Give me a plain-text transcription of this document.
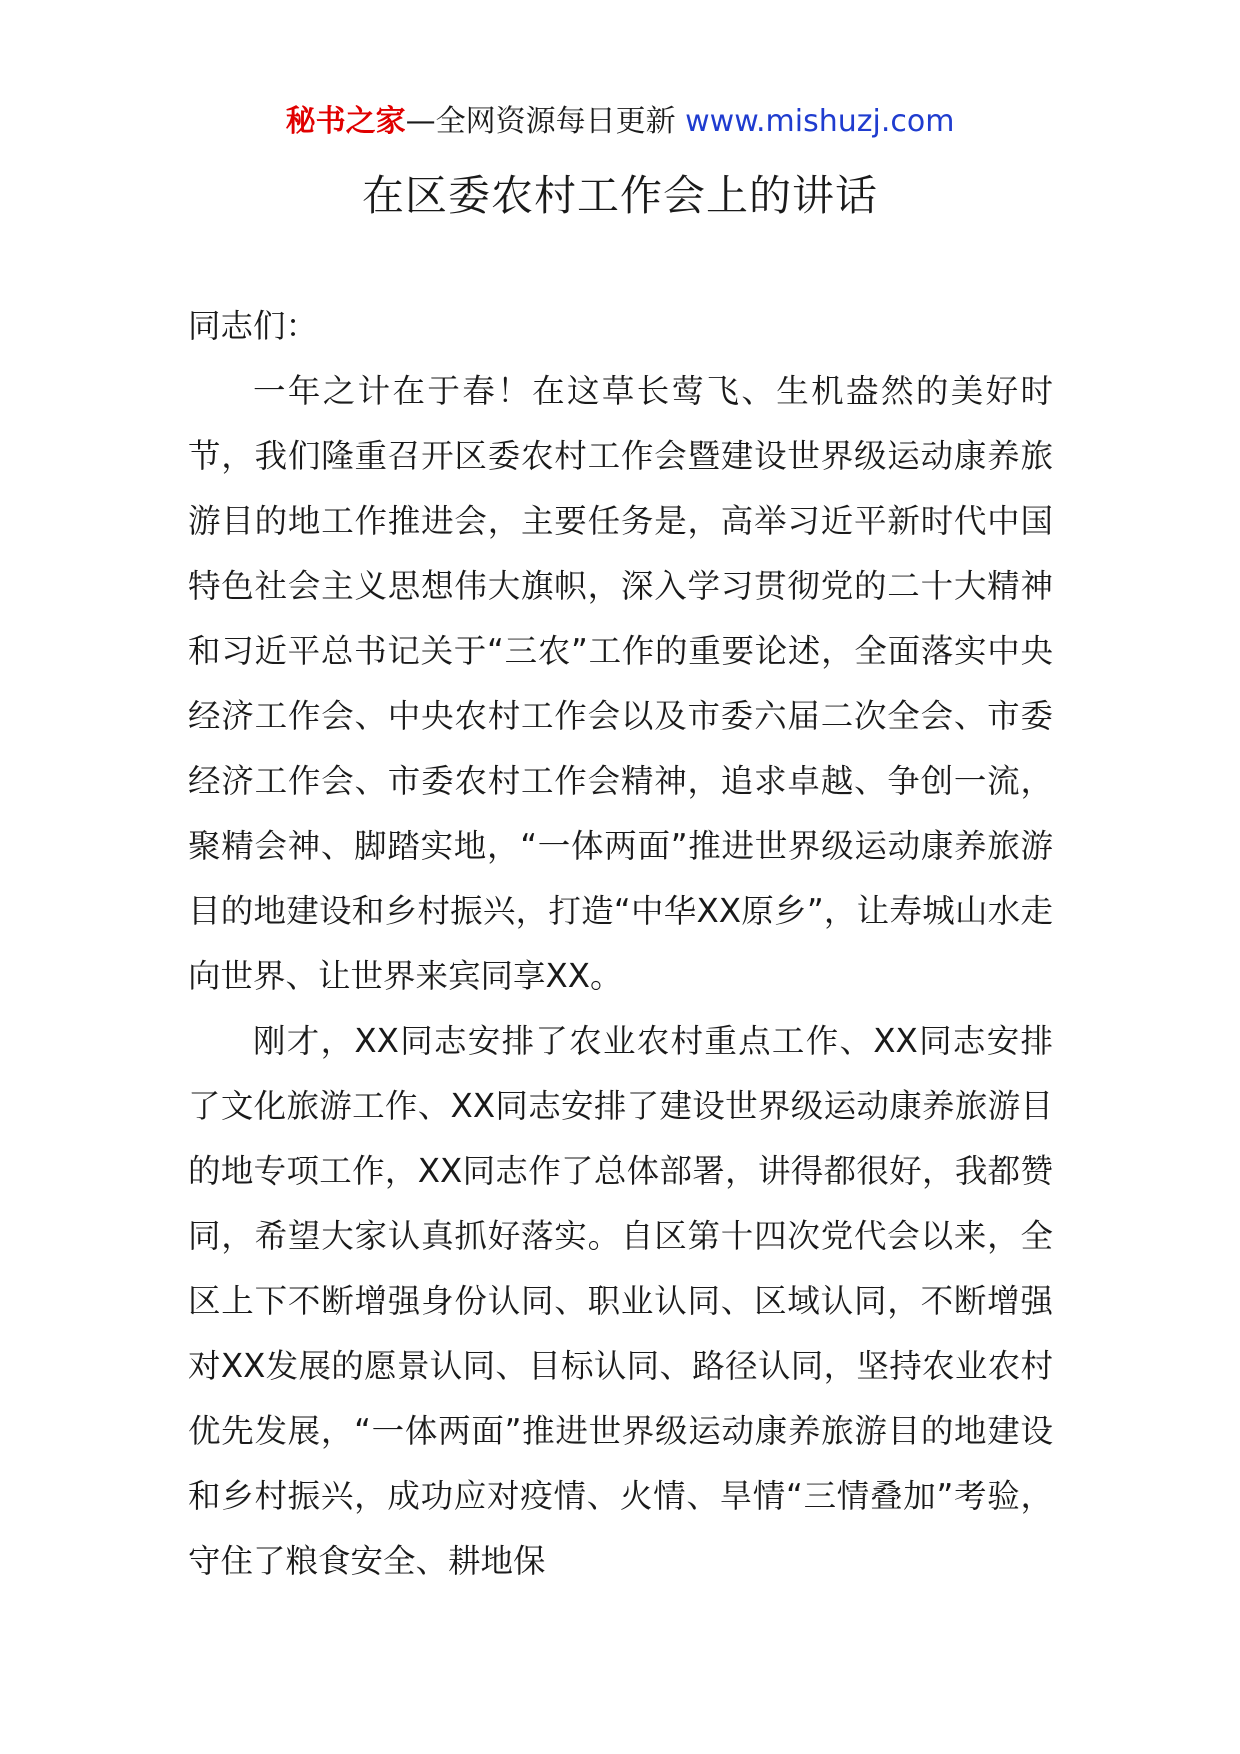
秘书之家—全网资源每日更新 www.mishuzj.com
在区委农村工作会上的讲话

同志们：

一年之计在于春！在这草长莺飞、生机盎然的美好时节，我们隆重召开区委农村工作会暨建设世界级运动康养旅游目的地工作推进会，主要任务是，高举习近平新时代中国特色社会主义思想伟大旗帜，深入学习贯彻党的二十大精神和习近平总书记关于“三农”工作的重要论述，全面落实中央经济工作会、中央农村工作会以及市委六届二次全会、市委经济工作会、市委农村工作会精神，追求卓越、争创一流，聚精会神、脚踏实地，“一体两面”推进世界级运动康养旅游目的地建设和乡村振兴，打造“中华XX原乡”，让寿城山水走向世界、让世界来宾同享XX。

刚才，XX同志安排了农业农村重点工作、XX同志安排了文化旅游工作、XX同志安排了建设世界级运动康养旅游目的地专项工作，XX同志作了总体部署，讲得都很好，我都赞同，希望大家认真抓好落实。自区第十四次党代会以来，全区上下不断增强身份认同、职业认同、区域认同，不断增强对XX发展的愿景认同、目标认同、路径认同，坚持农业农村优先发展，“一体两面”推进世界级运动康养旅游目的地建设和乡村振兴，成功应对疫情、火情、旱情“三情叠加”考验，守住了粮食安全、耕地保
